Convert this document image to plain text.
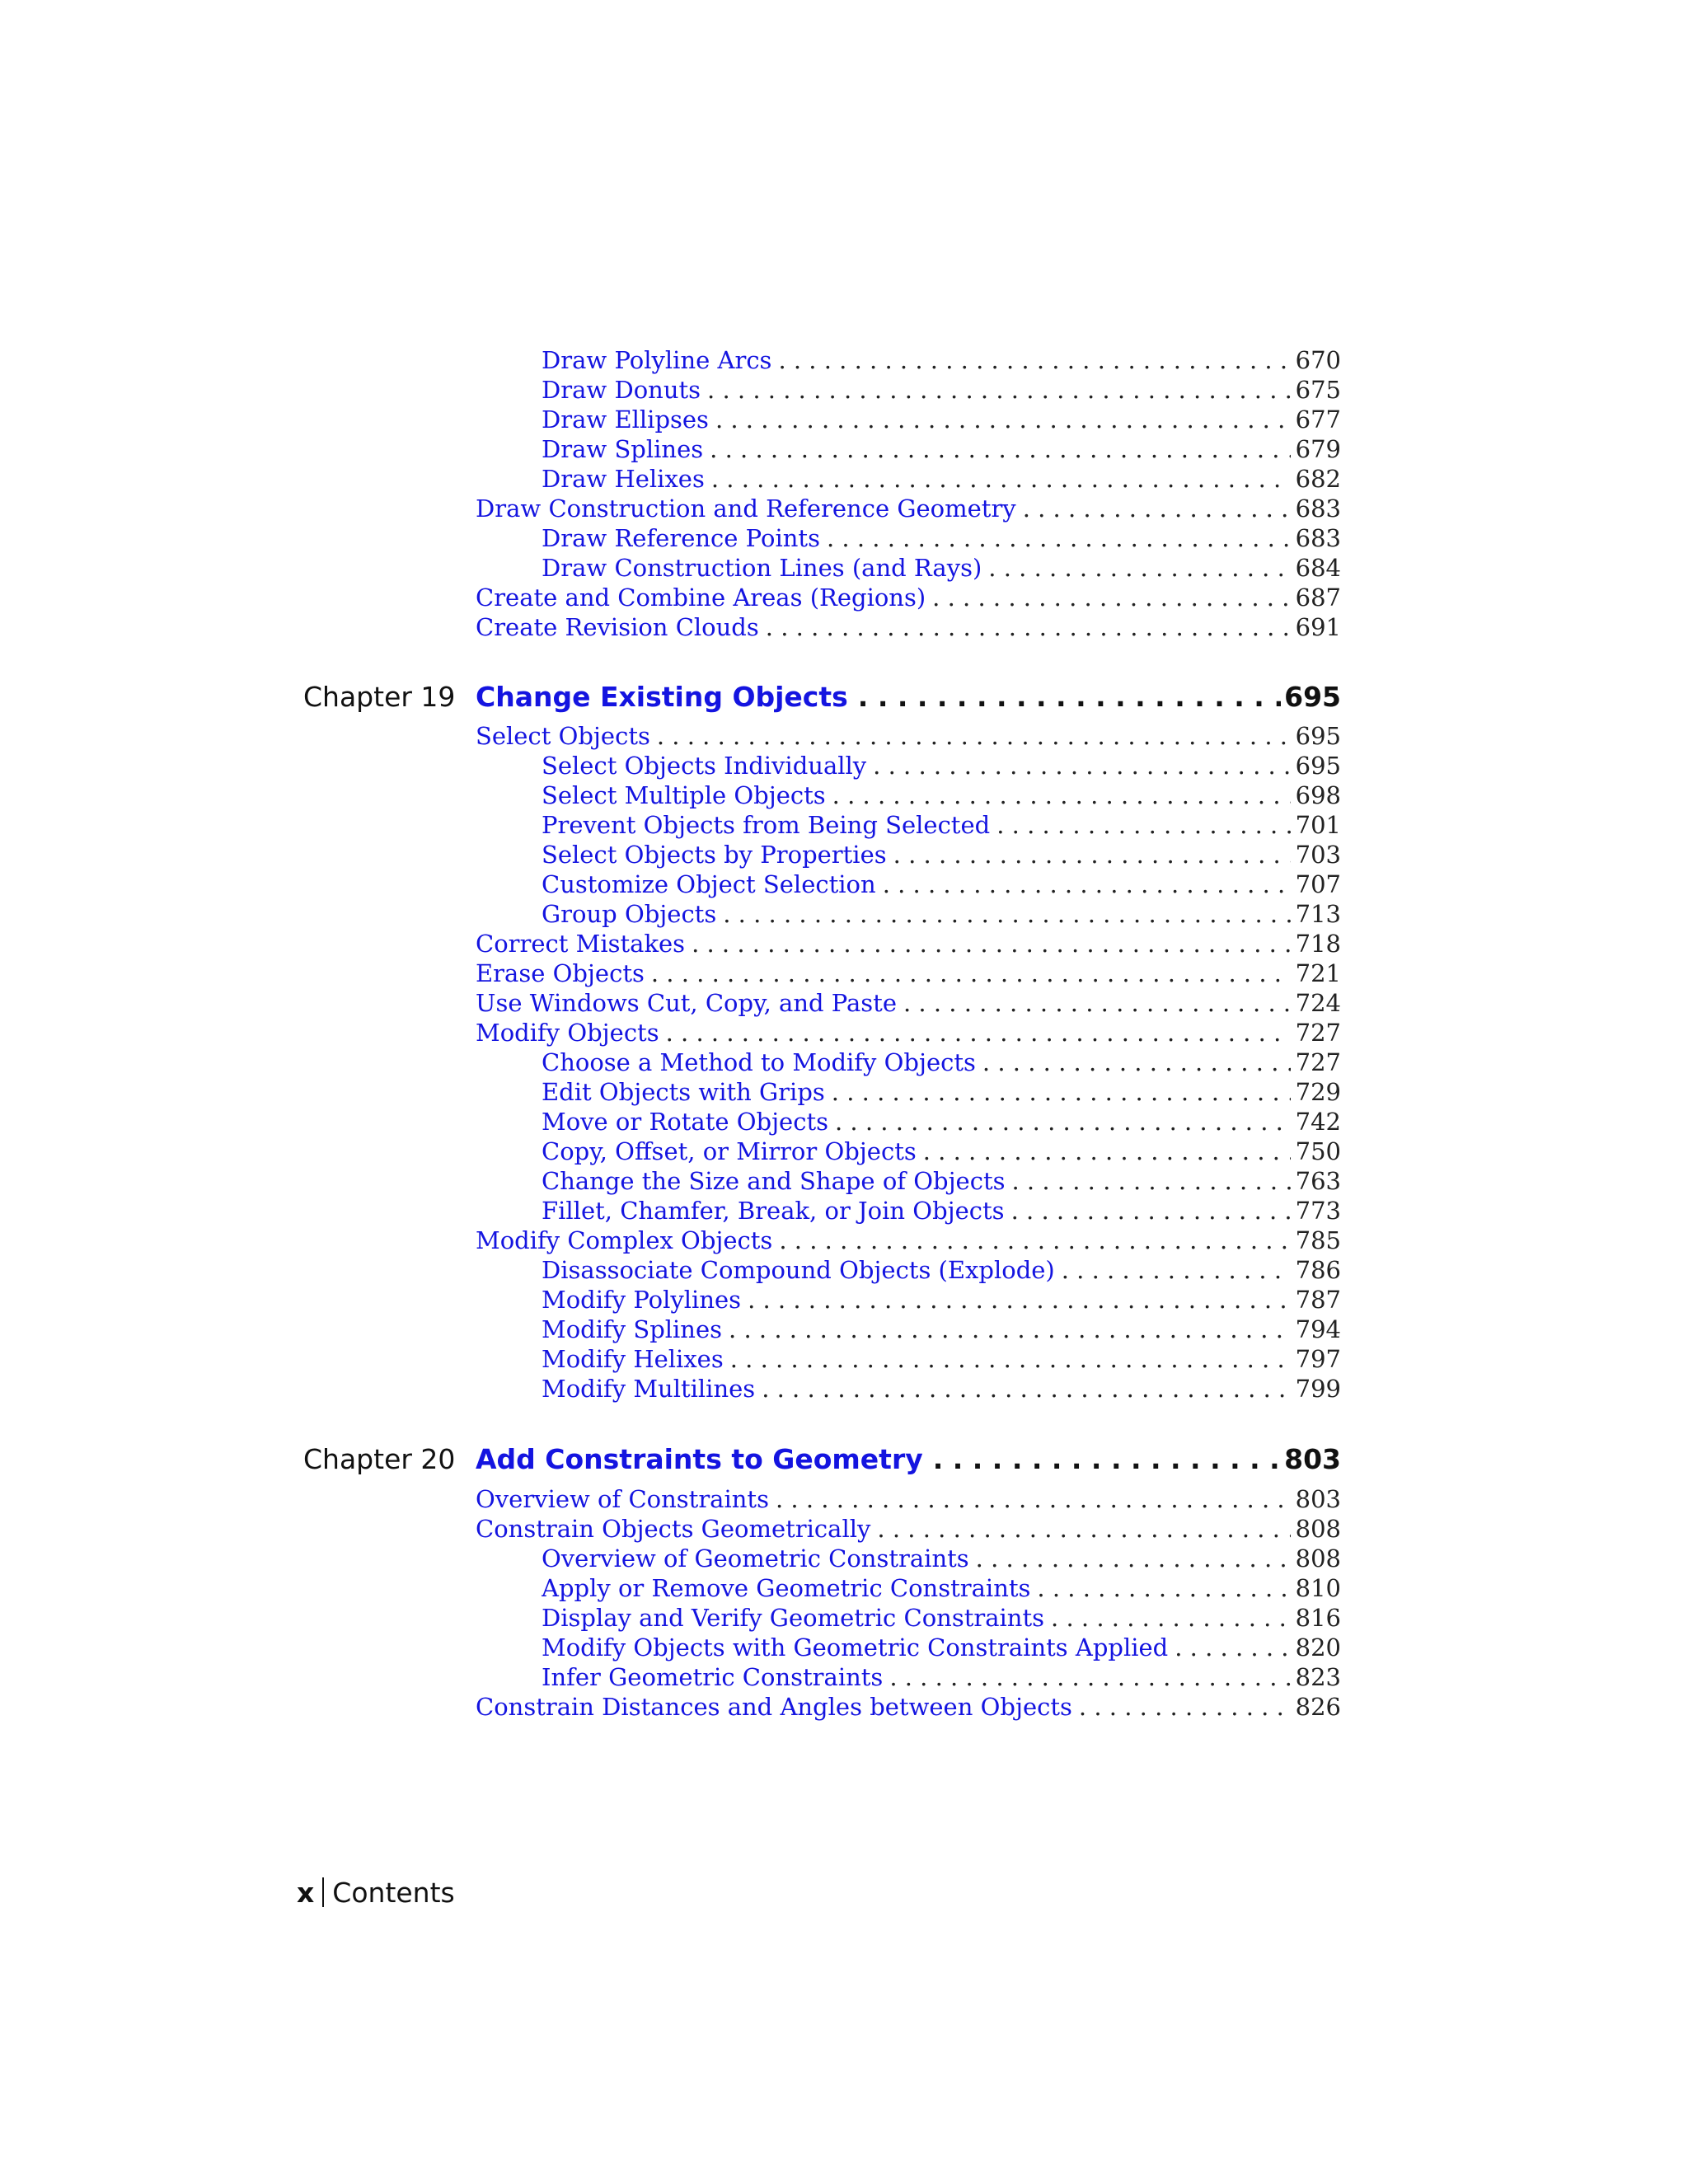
Draw Polyline Arcs . . .	670
Draw Donuts . . .	675
Draw Ellipses . . .	677
Draw Splines . . .	679
Draw Helixes . . .	682
Draw Construction and Reference Geometry . . .	683
Draw Reference Points . . .	683
Draw Construction Lines (and Rays) . . .	684
Create and Combine Areas (Regions) . . .	687
Create Revision Clouds . . .	691
Chapter 19 Change Existing Objects . . .	695
Select Objects . . .	695
Select Objects Individually . . .	695
Select Multiple Objects . . .	698
Prevent Objects from Being Selected . . .	701
Select Objects by Properties . . .	703
Customize Object Selection . . .	707
Group Objects . . .	713
Correct Mistakes . . .	718
Erase Objects . . .	721
Use Windows Cut, Copy, and Paste . . .	724
Modify Objects . . .	727
Choose a Method to Modify Objects . . .	727
Edit Objects with Grips . . .	729
Move or Rotate Objects . . .	742
Copy, Offset, or Mirror Objects . . .	750
Change the Size and Shape of Objects . . .	763
Fillet, Chamfer, Break, or Join Objects . . .	773
Modify Complex Objects . . .	785
Disassociate Compound Objects (Explode) . . .	786
Modify Polylines . . .	787
Modify Splines . . .	794
Modify Helixes . . .	797
Modify Multilines . . .	799
Chapter 20 Add Constraints to Geometry . . .	803
Overview of Constraints . . .	803
Constrain Objects Geometrically . . .	808
Overview of Geometric Constraints . . .	808
Apply or Remove Geometric Constraints . . .	810
Display and Verify Geometric Constraints . . .	816
Modify Objects with Geometric Constraints Applied . . .	820
Infer Geometric Constraints . . .	823
Constrain Distances and Angles between Objects . . .	826
x Contents
